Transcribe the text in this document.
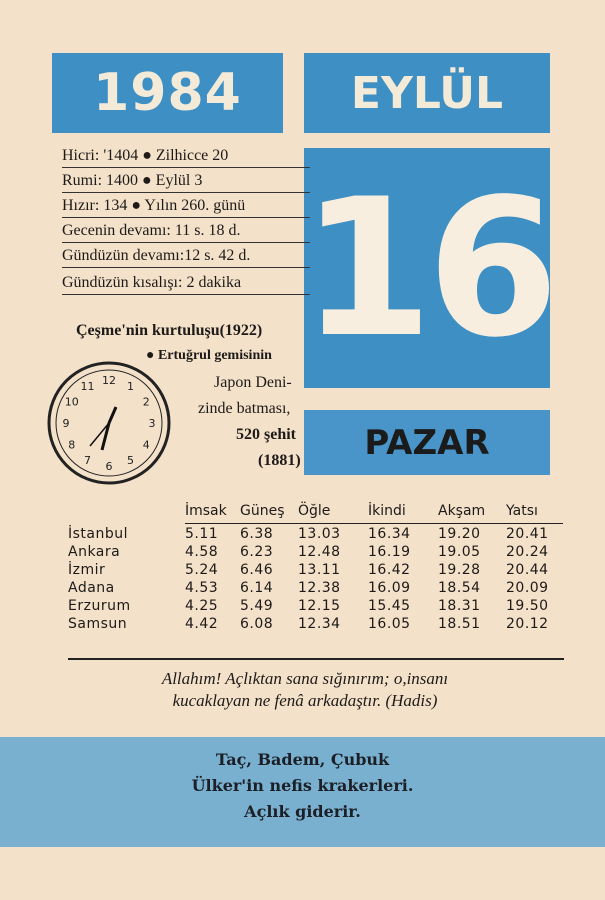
1984	EYLÜL
16
PAZAR
Hicri: '1404 ● Zilhicce 20
Rumi: 1400 ● Eylül 3
Hızır: 134 ● Yılın 260. günü
Gecenin devamı: 11 s. 18 d.
Gündüzün devamı:12 s. 42 d.
Gündüzün kısalışı: 2 dakika
Çeşme'nin kurtuluşu(1922)
● Ertuğrul gemisinin
Japon Deni-
zinde batması,
520 şehit
(1881)
12 1
2
3
4
5
6
7
8
9
10
11
	İmsak	Güneş	Öğle	İkindi	Akşam	Yatsı
İstanbul	5.11	6.38	13.03	16.34	19.20	20.41
Ankara	4.58	6.23	12.48	16.19	19.05	20.24
İzmir	5.24	6.46	13.11	16.42	19.28	20.44
Adana	4.53	6.14	12.38	16.09	18.54	20.09
Erzurum	4.25	5.49	12.15	15.45	18.31	19.50
Samsun	4.42	6.08	12.34	16.05	18.51	20.12
Allahım! Açlıktan sana sığınırım; o,insanı
kucaklayan ne fenâ arkadaştır. (Hadis)
Taç, Badem, Çubuk
Ülker'in nefis krakerleri.
Açlık giderir.
